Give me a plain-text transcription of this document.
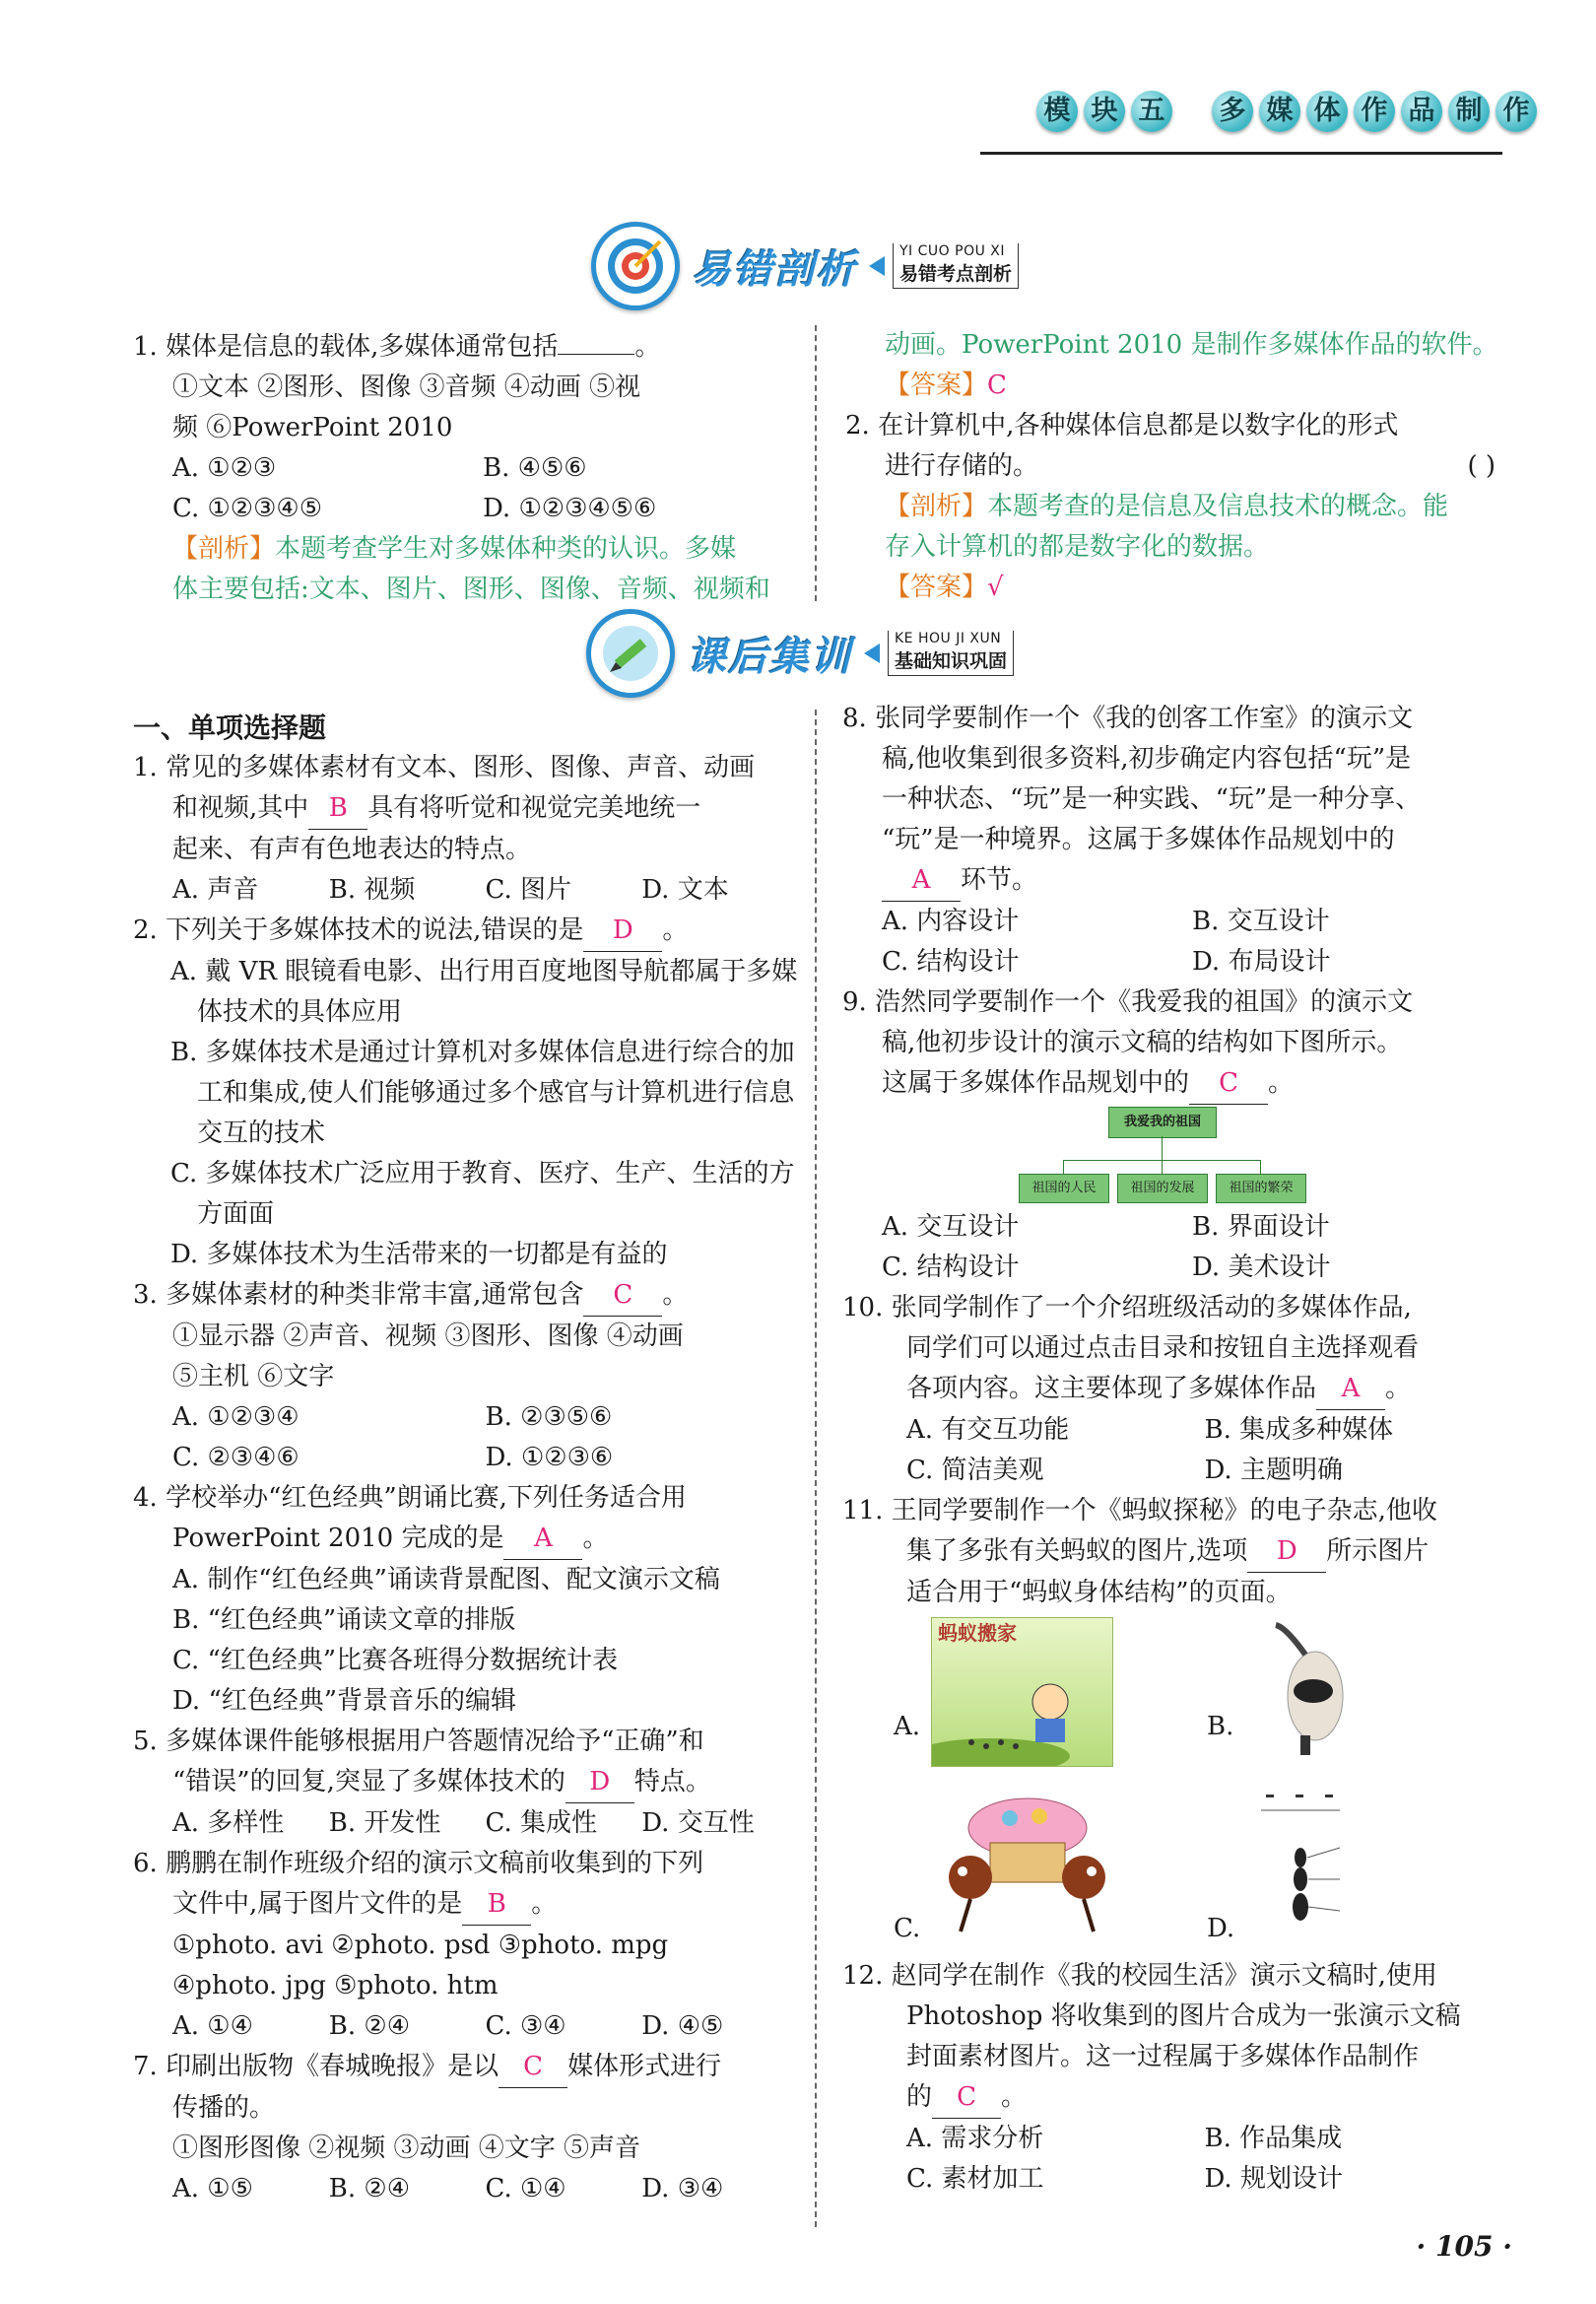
模 块 五 多 媒 体 作 品 制 作
易错剖析	YI CUO POU XI
易错考点剖析
课后集训	KE HOU JI XUN
基础知识巩固

1. 媒体是信息的载体,多媒体通常包括	。

①文本 ②图形、图像 ③音频 ④动画 ⑤视

频 ⑥PowerPoint 2010

A. ①②③	B. ④⑤⑥
C. ①②③④⑤	D. ①②③④⑤⑥

【剖析】本题考查学生对多媒体种类的认识。多媒

体主要包括:文本、图片、图形、图像、音频、视频和

动画。PowerPoint 2010 是制作多媒体作品的软件。

【答案】C

2. 在计算机中,各种媒体信息都是以数字化的形式

进行存储的。	( )

【剖析】本题考查的是信息及信息技术的概念。能

存入计算机的都是数字化的数据。

【答案】√

一、单项选择题

1. 常见的多媒体素材有文本、图形、图像、声音、动画

和视频,其中 B 具有将听觉和视觉完美地统一

起来、有声有色地表达的特点。

A. 声音	B. 视频	C. 图片	D. 文本

2. 下列关于多媒体技术的说法,错误的是 D 。

A. 戴 VR 眼镜看电影、出行用百度地图导航都属于多媒体技术的具体应用

B. 多媒体技术是通过计算机对多媒体信息进行综合的加工和集成,使人们能够通过多个感官与计算机进行信息交互的技术

C. 多媒体技术广泛应用于教育、医疗、生产、生活的方方面面

D. 多媒体技术为生活带来的一切都是有益的

3. 多媒体素材的种类非常丰富,通常包含 C 。

①显示器 ②声音、视频 ③图形、图像 ④动画

⑤主机 ⑥文字

A. ①②③④	B. ②③⑤⑥
C. ②③④⑥	D. ①②③⑥

4. 学校举办“红色经典”朗诵比赛,下列任务适合用

PowerPoint 2010 完成的是 A 。

A. 制作“红色经典”诵读背景配图、配文演示文稿

B. “红色经典”诵读文章的排版

C. “红色经典”比赛各班得分数据统计表

D. “红色经典”背景音乐的编辑

5. 多媒体课件能够根据用户答题情况给予“正确”和

“错误”的回复,突显了多媒体技术的 D 特点。

A. 多样性	B. 开发性	C. 集成性	D. 交互性

6. 鹏鹏在制作班级介绍的演示文稿前收集到的下列

文件中,属于图片文件的是 B 。

①photo. avi ②photo. psd ③photo. mpg

④photo. jpg ⑤photo. htm

A. ①④	B. ②④	C. ③④	D. ④⑤

7. 印刷出版物《春城晚报》是以 C 媒体形式进行

传播的。

①图形图像 ②视频 ③动画 ④文字 ⑤声音

A. ①⑤	B. ②④	C. ①④	D. ③④

8. 张同学要制作一个《我的创客工作室》的演示文

稿,他收集到很多资料,初步确定内容包括“玩”是

一种状态、“玩”是一种实践、“玩”是一种分享、

“玩”是一种境界。这属于多媒体作品规划中的

A 环节。

A. 内容设计	B. 交互设计
C. 结构设计	D. 布局设计

9. 浩然同学要制作一个《我爱我的祖国》的演示文

稿,他初步设计的演示文稿的结构如下图所示。

这属于多媒体作品规划中的 C 。

我爱我的祖国
祖国的人民	祖国的发展	祖国的繁荣
A. 交互设计	B. 界面设计
C. 结构设计	D. 美术设计

10. 张同学制作了一个介绍班级活动的多媒体作品,

同学们可以通过点击目录和按钮自主选择观看

各项内容。这主要体现了多媒体作品 A 。

A. 有交互功能	B. 集成多种媒体
C. 简洁美观	D. 主题明确

11. 王同学要制作一个《蚂蚁探秘》的电子杂志,他收

集了多张有关蚂蚁的图片,选项 D 所示图片

适合用于“蚂蚁身体结构”的页面。

A.
蚂蚁搬家
B.
C.	D.

12. 赵同学在制作《我的校园生活》演示文稿时,使用

Photoshop 将收集到的图片合成为一张演示文稿

封面素材图片。这一过程属于多媒体作品制作

的 C 。

A. 需求分析	B. 作品集成
C. 素材加工	D. 规划设计
· 105 ·
